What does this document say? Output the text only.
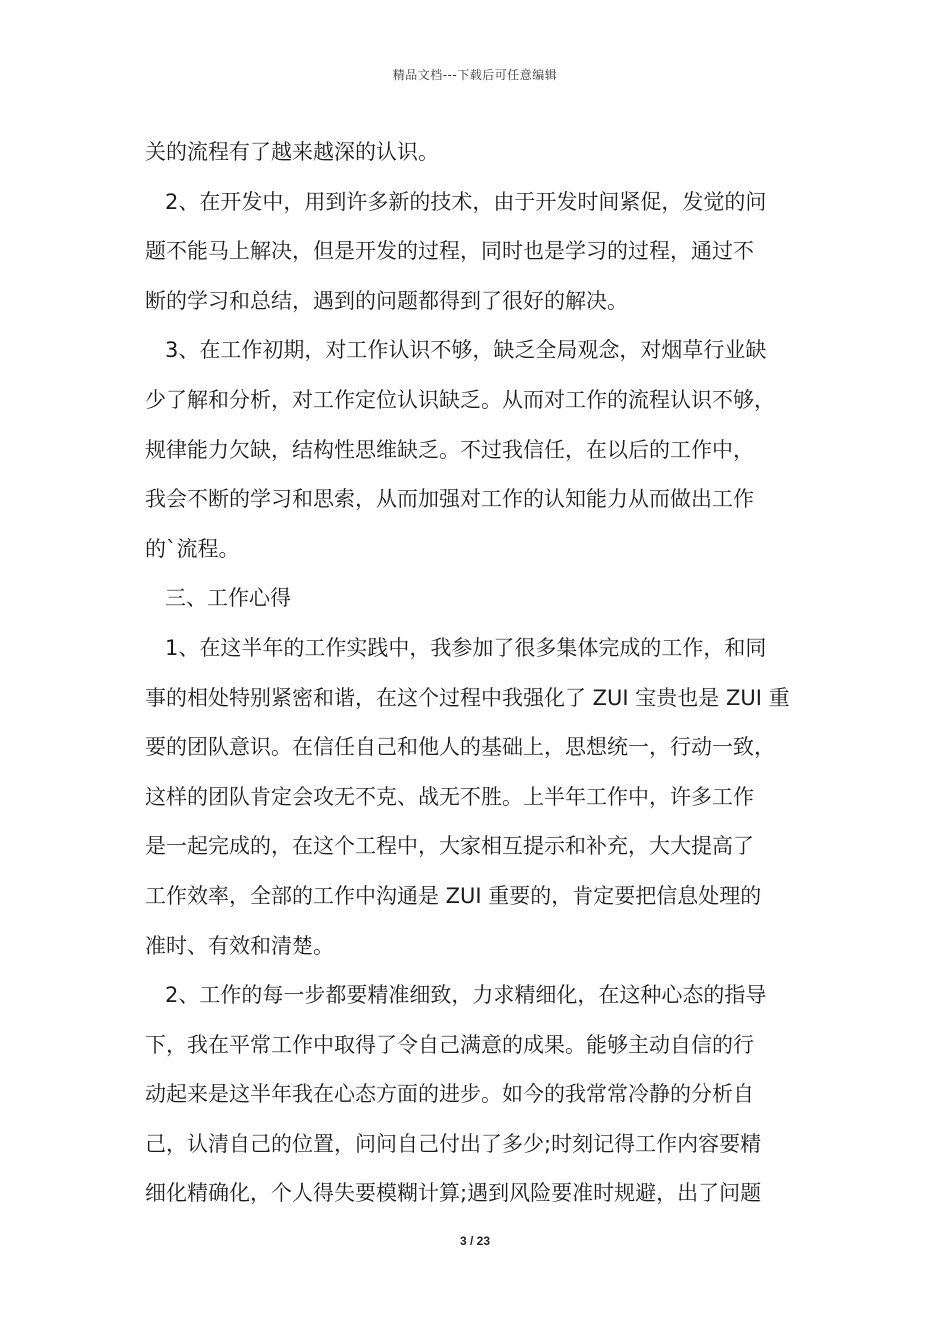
精品文档---下载后可任意编辑
关的流程有了越来越深的认识。
2、在开发中，用到许多新的技术，由于开发时间紧促，发觉的问
题不能马上解决，但是开发的过程，同时也是学习的过程，通过不
断的学习和总结，遇到的问题都得到了很好的解决。
3、在工作初期，对工作认识不够，缺乏全局观念，对烟草行业缺
少了解和分析，对工作定位认识缺乏。从而对工作的流程认识不够，
规律能力欠缺，结构性思维缺乏。不过我信任，在以后的工作中，
我会不断的学习和思索，从而加强对工作的认知能力从而做出工作
的`流程。
三、工作心得
1、在这半年的工作实践中，我参加了很多集体完成的工作，和同
事的相处特别紧密和谐，在这个过程中我强化了 ZUI 宝贵也是 ZUI 重
要的团队意识。在信任自己和他人的基础上，思想统一，行动一致，
这样的团队肯定会攻无不克、战无不胜。上半年工作中，许多工作
是一起完成的，在这个工程中，大家相互提示和补充，大大提高了
工作效率，全部的工作中沟通是 ZUI 重要的，肯定要把信息处理的
准时、有效和清楚。
2、工作的每一步都要精准细致，力求精细化，在这种心态的指导
下，我在平常工作中取得了令自己满意的成果。能够主动自信的行
动起来是这半年我在心态方面的进步。如今的我常常冷静的分析自
己，认清自己的位置，问问自己付出了多少;时刻记得工作内容要精
细化精确化，个人得失要模糊计算;遇到风险要准时规避，出了问题
3 / 23
